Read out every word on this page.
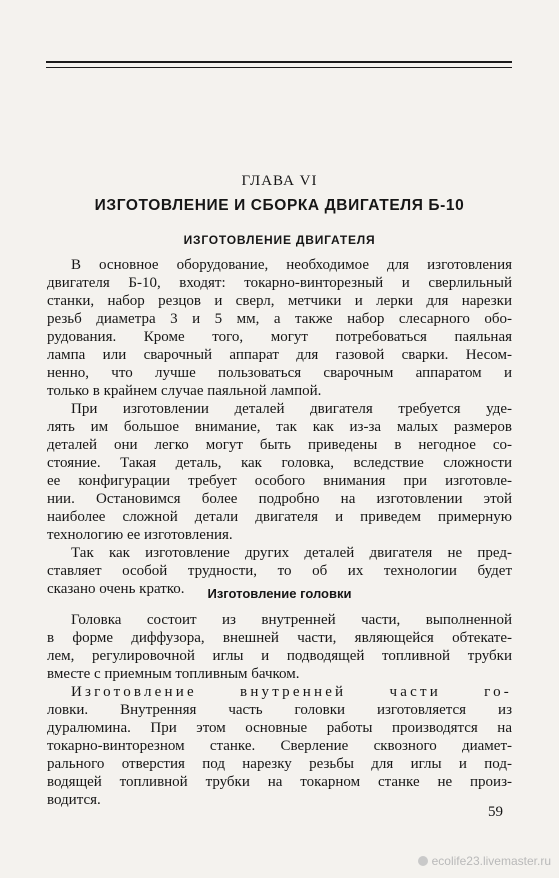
ГЛАВА VI
ИЗГОТОВЛЕНИЕ И СБОРКА ДВИГАТЕЛЯ Б-10
ИЗГОТОВЛЕНИЕ ДВИГАТЕЛЯ
В основное оборудование, необходимое для изготовления
двигателя Б-10, входят: токарно-винторезный и сверлильный
станки, набор резцов и сверл, метчики и лерки для нарезки
резьб диаметра 3 и 5 мм, а также набор слесарного обо-
рудования. Кроме того, могут потребоваться паяльная
лампа или сварочный аппарат для газовой сварки. Несом-
ненно, что лучше пользоваться сварочным аппаратом и
только в крайнем случае паяльной лампой.
При изготовлении деталей двигателя требуется уде-
лять им большое внимание, так как из-за малых размеров
деталей они легко могут быть приведены в негодное со-
стояние. Такая деталь, как головка, вследствие сложности
ее конфигурации требует особого внимания при изготовле-
нии. Остановимся более подробно на изготовлении этой
наиболее сложной детали двигателя и приведем примерную
технологию ее изготовления.
Так как изготовление других деталей двигателя не пред-
ставляет особой трудности, то об их технологии будет
сказано очень кратко.	Изготовление головки
Головка состоит из внутренней части, выполненной
в форме диффузора, внешней части, являющейся обтекате-
лем, регулировочной иглы и подводящей топливной трубки
вместе с приемным топливным бачком.
Изготовление внутренней части го-
ловки. Внутренняя часть головки изготовляется из
дуралюмина. При этом основные работы производятся на
токарно-винторезном станке. Сверление сквозного диамет-
рального отверстия под нарезку резьбы для иглы и под-
водящей топливной трубки на токарном станке не произ-
водится.
59
ecolife23.livemaster.ru
